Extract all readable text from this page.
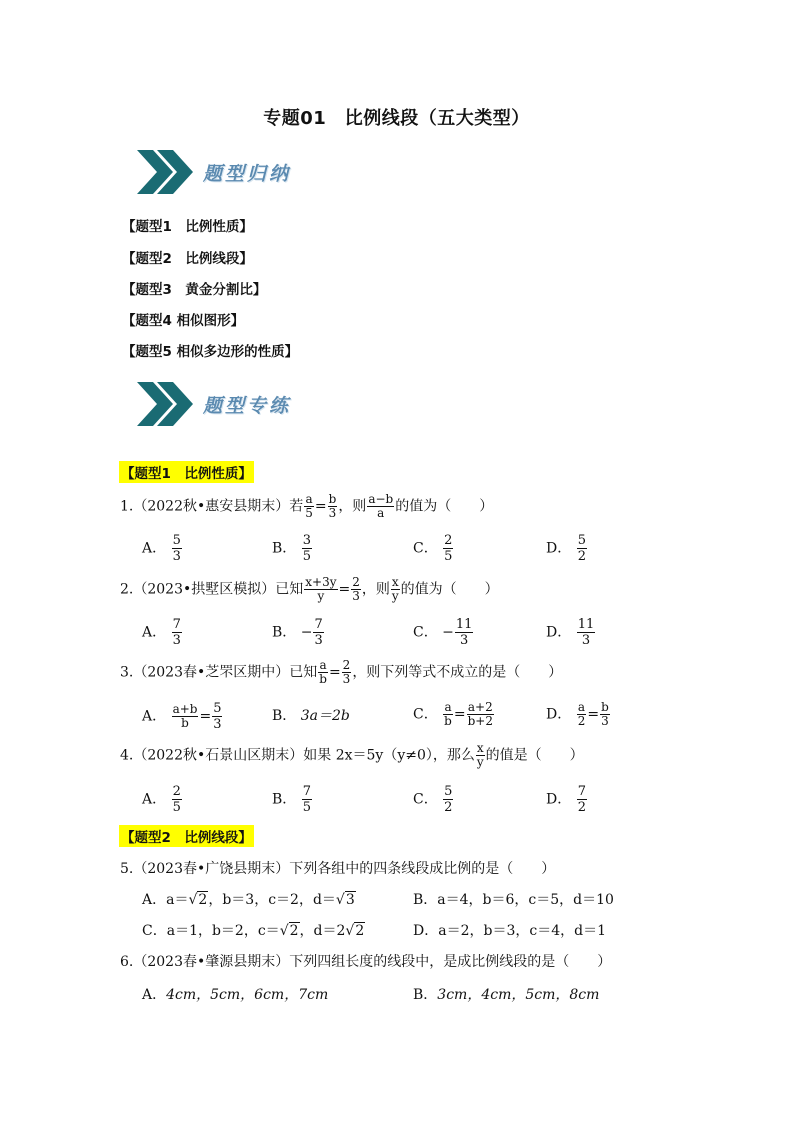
专题01　比例线段（五大类型）
题型归纳
【题型1　比例性质】
【题型2　比例线段】
【题型3　黄金分割比】
【题型4 相似图形】
【题型5 相似多边形的性质】
题型专练
【题型1　比例性质】
1.（2022秋•惠安县期末）若 $\frac{a}{5} = \frac{b}{3}$ ，则 $\frac{a-b}{a}$ 的值为（　　）
A． $\frac{5}{3}$	B． $\frac{3}{5}$	C． $\frac{2}{5}$	D． $\frac{5}{2}$
2.（2023•拱墅区模拟）已知 $\frac{x+3y}{y} = \frac{2}{3}$ ，则 $\frac{x}{y}$ 的值为（　　）
A． $\frac{7}{3}$	B． − $\frac{7}{3}$	C． − $\frac{11}{3}$	D． $\frac{11}{3}$
3.（2023春•芝罘区期中）已知 $\frac{a}{b} = \frac{2}{3}$ ，则下列等式不成立的是（　　）
A． $\frac{a+b}{b} = \frac{5}{3}$	B． 3a＝2b	C． $\frac{a}{b} = \frac{a+2}{b+2}$	D． $\frac{a}{2} = \frac{b}{3}$
4.（2022秋•石景山区期末）如果 2x＝5y（y≠0），那么 $\frac{x}{y}$ 的值是（　　）
A． $\frac{2}{5}$	B． $\frac{7}{5}$	C． $\frac{5}{2}$	D． $\frac{7}{2}$
【题型2　比例线段】
5.（2023春•广饶县期末）下列各组中的四条线段成比例的是（　　）
A．a＝√2，b＝3，c＝2，d＝√3	B．a＝4，b＝6，c＝5，d＝10
C．a＝1，b＝2，c＝√2，d＝2√2	D．a＝2，b＝3，c＝4，d＝1
6.（2023春•肇源县期末）下列四组长度的线段中，是成比例线段的是（　　）
A．4cm，5cm，6cm，7cm	B．3cm，4cm，5cm，8cm
